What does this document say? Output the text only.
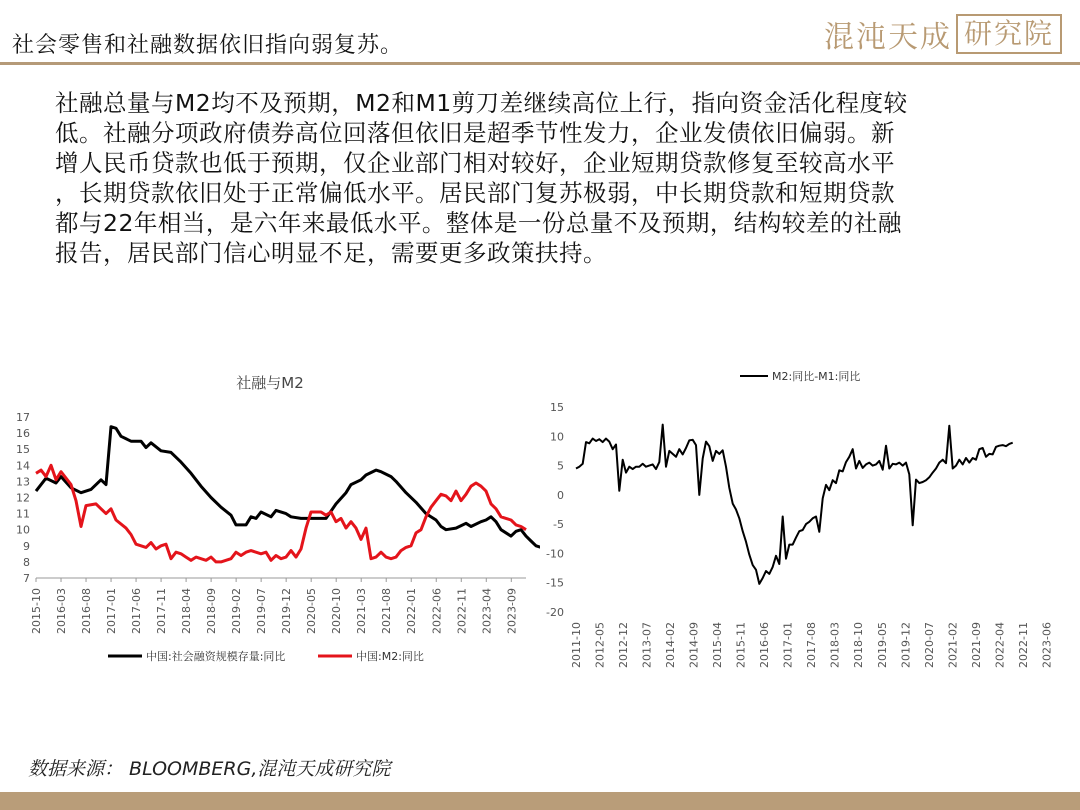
社会零售和社融数据依旧指向弱复苏。	混沌天成 研究院

社融总量与M2均不及预期，M2和M1剪刀差继续高位上行，指向资金活化程度较

低。社融分项政府债券高位回落但依旧是超季节性发力，企业发债依旧偏弱。新

增人民币贷款也低于预期，仅企业部门相对较好，企业短期贷款修复至较高水平

，长期贷款依旧处于正常偏低水平。居民部门复苏极弱，中长期贷款和短期贷款

都与22年相当，是六年来最低水平。整体是一份总量不及预期，结构较差的社融

报告，居民部门信心明显不足，需要更多政策扶持。

社融与M2
7
8
9
10
11
12
13
14
15
16
17
2015-10 2016-03 2016-08 2017-01 2017-06 2017-11 2018-04 2018-09 2019-02 2019-07 2019-12 2020-05 2020-10 2021-03 2021-08 2022-01 2022-06 2022-11 2023-04 2023-09
中国:社会融资规模存量:同比	中国:M2:同比
-20
-15
-10
-5
0
5
10
15
2011-10 2012-05 2012-12 2013-07 2014-02 2014-09 2015-04 2015-11 2016-06 2017-01 2017-08 2018-03 2018-10 2019-05 2019-12 2020-07 2021-02 2021-09 2022-04 2022-11 2023-06
M2:同比-M1:同比
数据来源： BLOOMBERG,混沌天成研究院
